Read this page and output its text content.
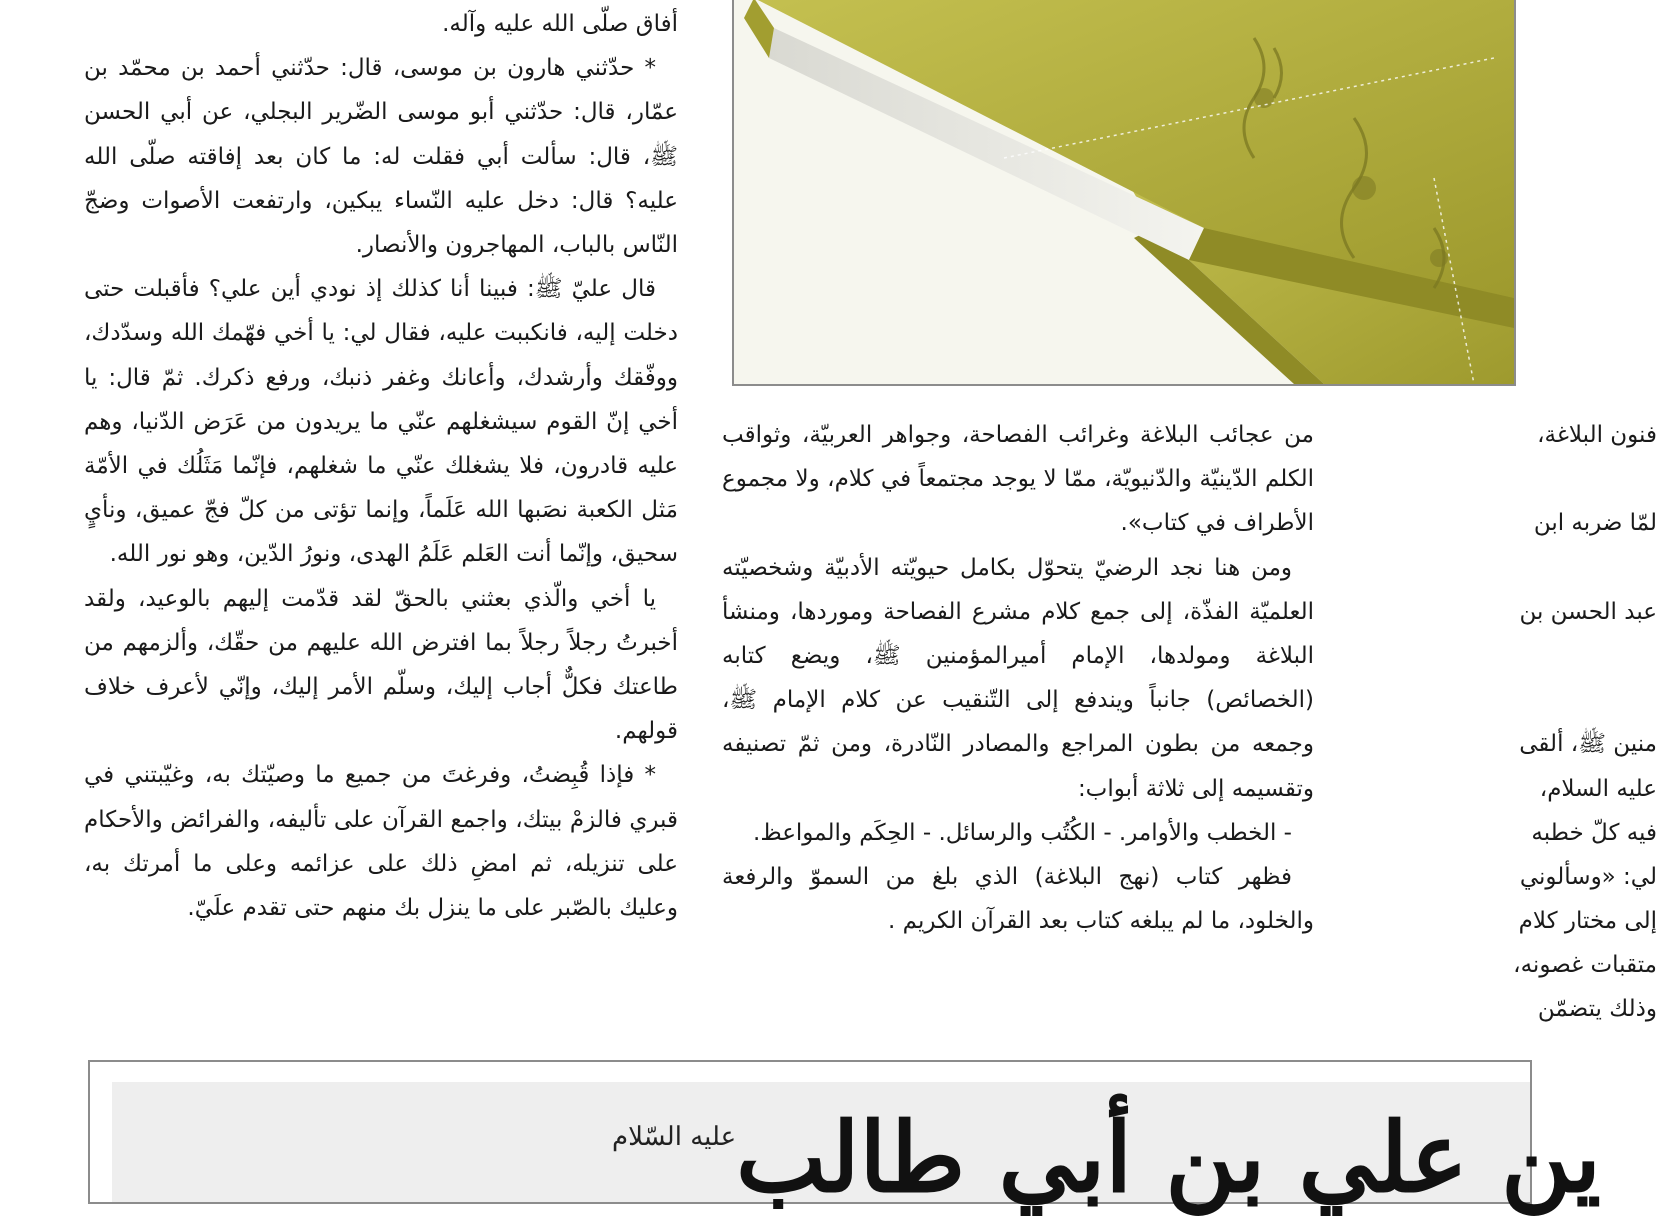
أفاق صلّى الله عليه وآله.

* حدّثني هارون بن موسى، قال: حدّثني أحمد بن محمّد بن عمّار، قال: حدّثني أبو موسى الضّرير البجلي، عن أبي الحسن ﷺ، قال: سألت أبي فقلت له: ما كان بعد إفاقته صلّى الله عليه؟ قال: دخل عليه النّساء يبكين، وارتفعت الأصوات وضجّ النّاس بالباب، المهاجرون والأنصار.

قال عليّ ﷺ: فبينا أنا كذلك إذ نودي أين علي؟ فأقبلت حتى دخلت إليه، فانكببت عليه، فقال لي: يا أخي فهّمك الله وسدّدك، ووفّقك وأرشدك، وأعانك وغفر ذنبك، ورفع ذكرك. ثمّ قال: يا أخي إنّ القوم سيشغلهم عنّي ما يريدون من عَرَض الدّنيا، وهم عليه قادرون، فلا يشغلك عنّي ما شغلهم، فإنّما مَثَلُك في الأمّة مَثل الكعبة نصَبها الله عَلَماً، وإنما تؤتى من كلّ فجّ عميق، ونأيٍ سحيق، وإنّما أنت العَلم عَلَمُ الهدى، ونورُ الدّين، وهو نور الله.

يا أخي والّذي بعثني بالحقّ لقد قدّمت إليهم بالوعيد، ولقد أخبرتُ رجلاً رجلاً بما افترض الله عليهم من حقّك، وألزمهم من طاعتك فكلٌّ أجاب إليك، وسلّم الأمر إليك، وإنّي لأعرف خلاف قولهم.

* فإذا قُبِضتُ، وفرغتَ من جميع ما وصيّتك به، وغيّبتني في قبري فالزمْ بيتك، واجمع القرآن على تأليفه، والفرائض والأحكام على تنزيله، ثم امضِ ذلك على عزائمه وعلى ما أمرتك به، وعليك بالصّبر على ما ينزل بك منهم حتى تقدم علَيّ.

من عجائب البلاغة وغرائب الفصاحة، وجواهر العربيّة، وثواقب الكلم الدّينيّة والدّنيويّة، ممّا لا يوجد مجتمعاً في كلام، ولا مجموع الأطراف في كتاب».

ومن هنا نجد الرضيّ يتحوّل بكامل حيويّته الأدبيّة وشخصيّته العلميّة الفذّة، إلى جمع كلام مشرع الفصاحة وموردها، ومنشأ البلاغة ومولدها، الإمام أميرالمؤمنين ﷺ، ويضع كتابه (الخصائص) جانباً ويندفع إلى التّنقيب عن كلام الإمام ﷺ، وجمعه من بطون المراجع والمصادر النّادرة، ومن ثمّ تصنيفه وتقسيمه إلى ثلاثة أبواب:

- الخطب والأوامر. - الكُتُب والرسائل. - الحِكَم والمواعظ.

فظهر كتاب (نهج البلاغة) الذي بلغ من السموّ والرفعة والخلود، ما لم يبلغه كتاب بعد القرآن الكريم .

فنون البلاغة،
لمّا ضربه ابن
عبد الحسن بن
منين ﷺ، ألقى
عليه السلام،
فيه كلّ خطبه
لي: «وسألوني
إلى مختار كلام
متقبات غصونه،
وذلك يتضمّن
ين علي بن أبي طالب
عليه السّلام
